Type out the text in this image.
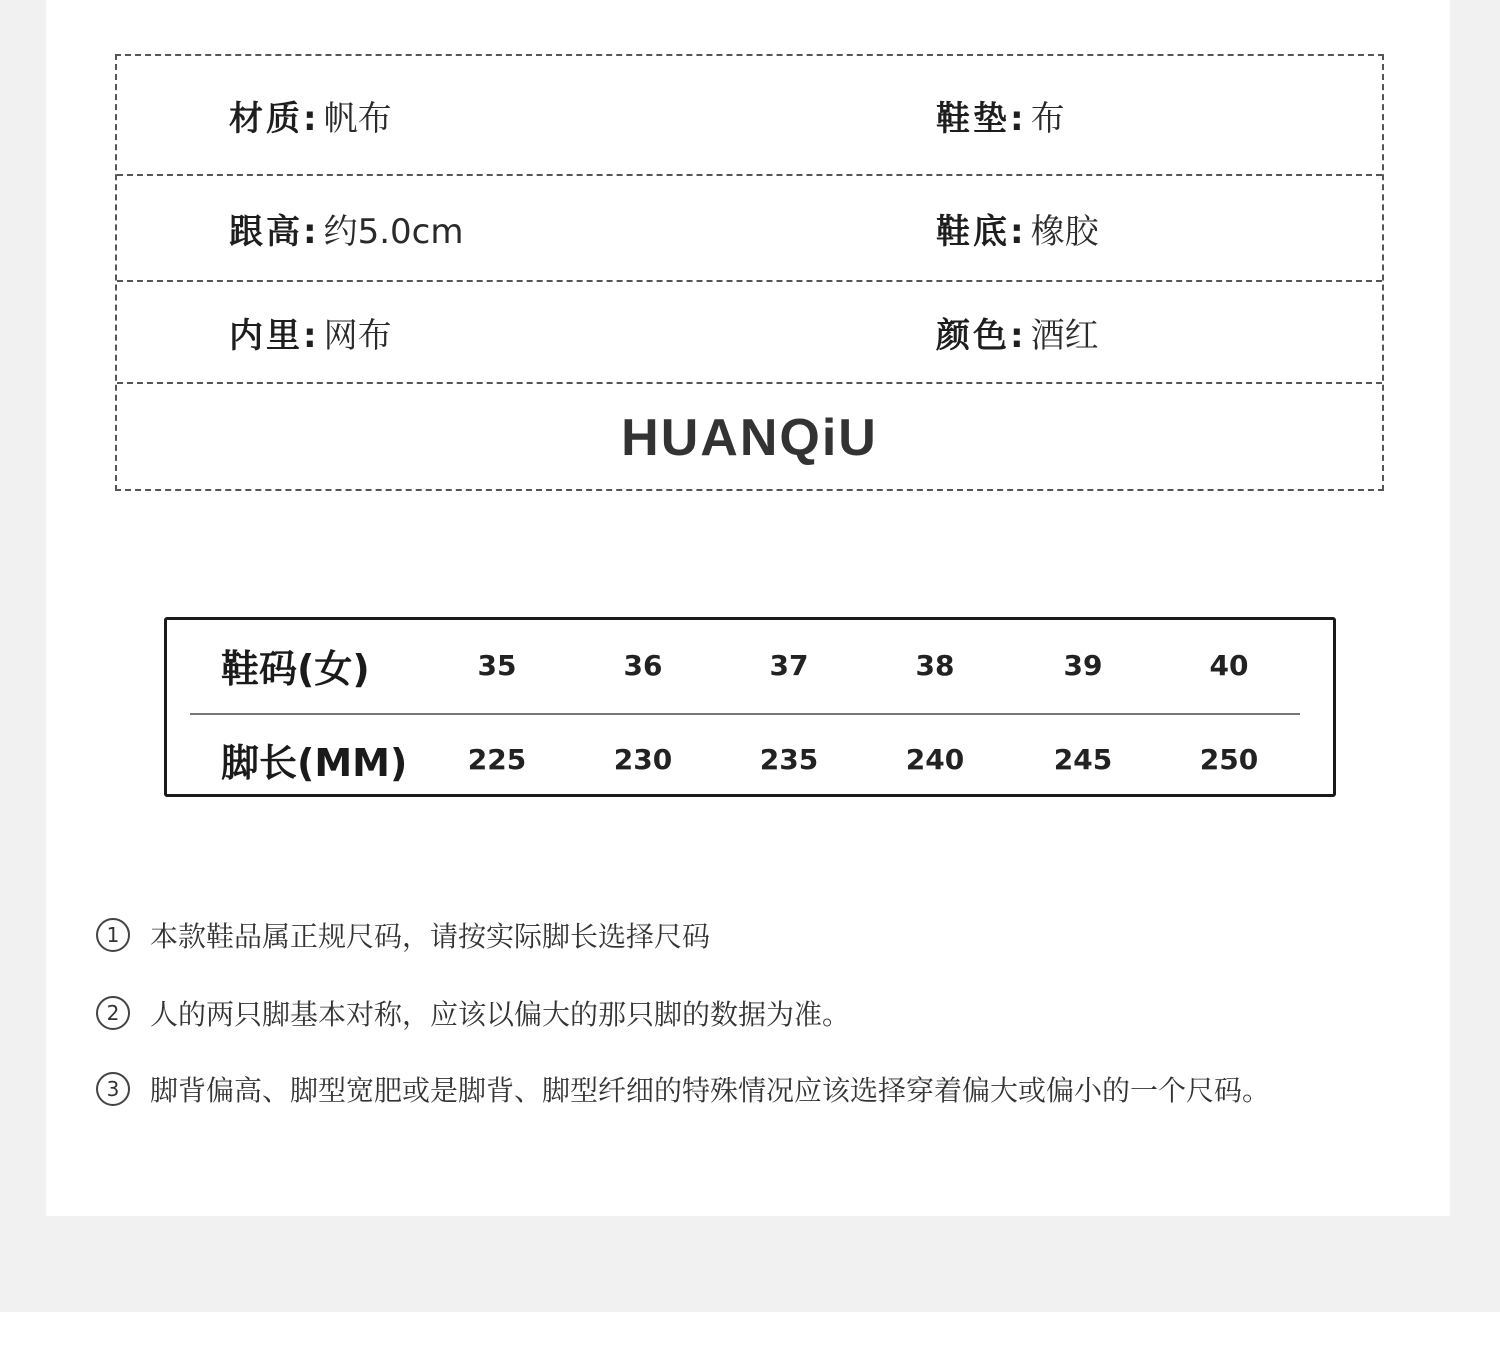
材质: 帆布	鞋垫: 布
跟高: 约5.0cm	鞋底: 橡胶
内里: 网布	颜色: 酒红
HUANQiU
鞋码(女)	35	36	37	38	39	40
脚长(MM)	225	230	235	240	245	250
1	本款鞋品属正规尺码，请按实际脚长选择尺码
2	人的两只脚基本对称，应该以偏大的那只脚的数据为准。
3	脚背偏高、脚型宽肥或是脚背、脚型纤细的特殊情况应该选择穿着偏大或偏小的一个尺码。
